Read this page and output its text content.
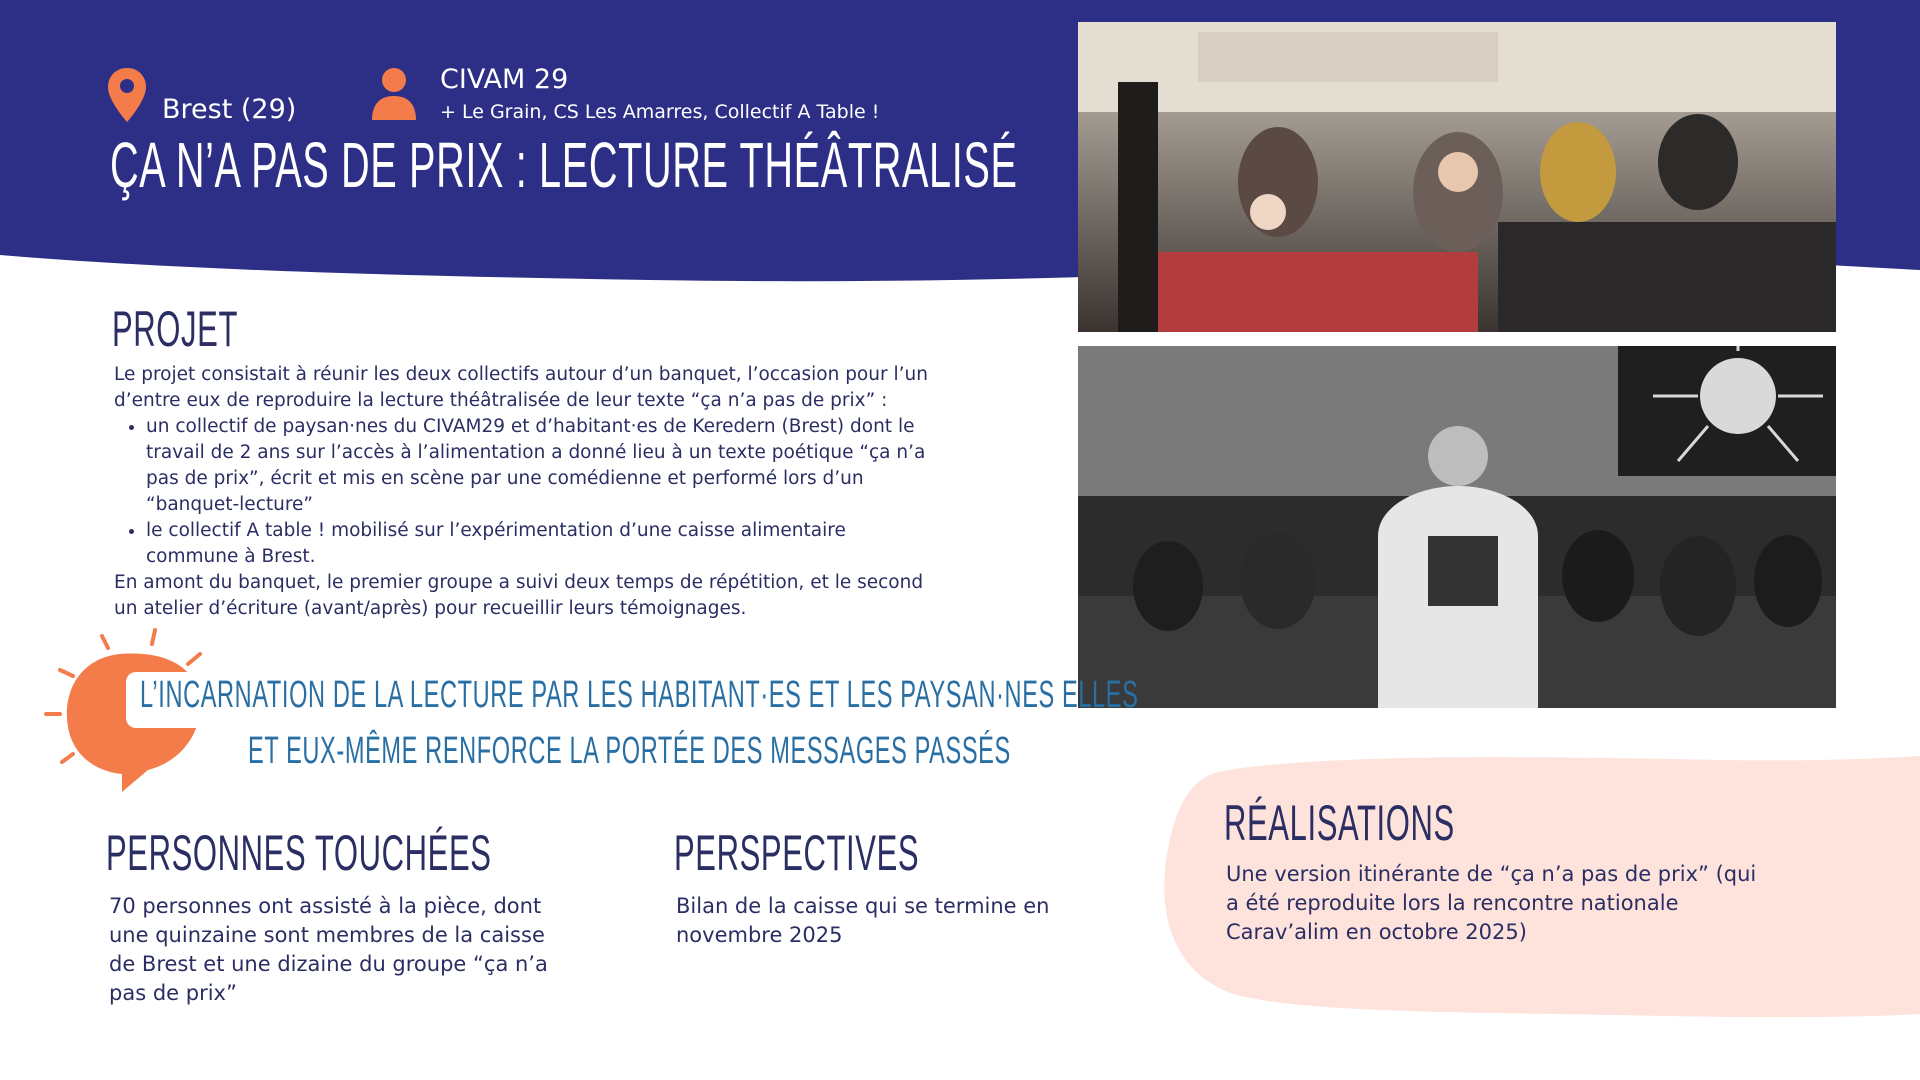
Brest (29)
CIVAM 29
+ Le Grain, CS Les Amarres, Collectif A Table !
ÇA N’A PAS DE PRIX : LECTURE THÉÂTRALISÉ
PROJET

Le projet consistait à réunir les deux collectifs autour d’un banquet, l’occasion pour l’un d’entre eux de reproduire la lecture théâtralisée de leur texte “ça n’a pas de prix” :

• un collectif de paysan·nes du CIVAM29 et d’habitant·es de Keredern (Brest) dont le travail de 2 ans sur l’accès à l’alimentation a donné lieu à un texte poétique “ça n’a pas de prix”, écrit et mis en scène par une comédienne et performé lors d’un “banquet-lecture”
• le collectif A table ! mobilisé sur l’expérimentation d’une caisse alimentaire commune à Brest.

En amont du banquet, le premier groupe a suivi deux temps de répétition, et le second un atelier d’écriture (avant/après) pour recueillir leurs témoignages.

L’INCARNATION DE LA LECTURE PAR LES HABITANT·ES ET LES PAYSAN·NES ELLES
ET EUX-MÊME RENFORCE LA PORTÉE DES MESSAGES PASSÉS
PERSONNES TOUCHÉES
70 personnes ont assisté à la pièce, dont une quinzaine sont membres de la caisse de Brest et une dizaine du groupe “ça n’a pas de prix”
PERSPECTIVES
Bilan de la caisse qui se termine en novembre 2025
RÉALISATIONS
Une version itinérante de “ça n’a pas de prix” (qui a été reproduite lors la rencontre nationale Carav’alim en octobre 2025)
